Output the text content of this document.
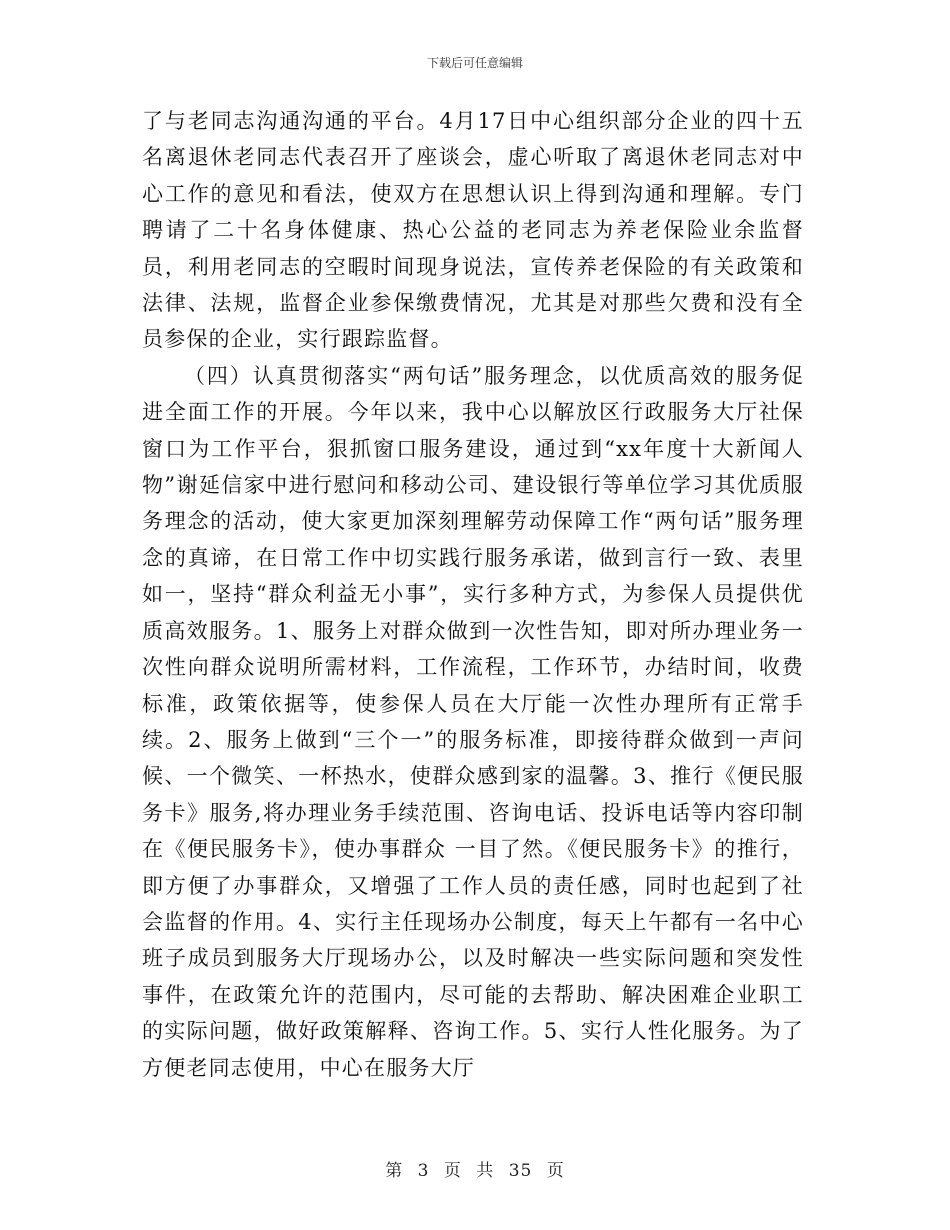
下载后可任意编辑

了与老同志沟通沟通的平台。4月17日中心组织部分企业的四十五名离退休老同志代表召开了座谈会，虚心听取了离退休老同志对中心工作的意见和看法，使双方在思想认识上得到沟通和理解。专门聘请了二十名身体健康、热心公益的老同志为养老保险业余监督员，利用老同志的空暇时间现身说法，宣传养老保险的有关政策和法律、法规，监督企业参保缴费情况，尤其是对那些欠费和没有全员参保的企业，实行跟踪监督。

（四）认真贯彻落实“两句话”服务理念，以优质高效的服务促进全面工作的开展。今年以来，我中心以解放区行政服务大厅社保窗口为工作平台，狠抓窗口服务建设，通过到“xx年度十大新闻人物”谢延信家中进行慰问和移动公司、建设银行等单位学习其优质服务理念的活动，使大家更加深刻理解劳动保障工作“两句话”服务理念的真谛，在日常工作中切实践行服务承诺，做到言行一致、表里如一，坚持“群众利益无小事”，实行多种方式，为参保人员提供优质高效服务。1、服务上对群众做到一次性告知，即对所办理业务一次性向群众说明所需材料，工作流程，工作环节，办结时间，收费标准，政策依据等，使参保人员在大厅能一次性办理所有正常手续。2、服务上做到“三个一”的服务标准，即接待群众做到一声问候、一个微笑、一杯热水，使群众感到家的温馨。3、推行《便民服务卡》服务,将办理业务手续范围、咨询电话、投诉电话等内容印制在《便民服务卡》，使办事群众 一目了然。《便民服务卡》的推行，即方便了办事群众，又增强了工作人员的责任感，同时也起到了社会监督的作用。4、实行主任现场办公制度，每天上午都有一名中心班子成员到服务大厅现场办公，以及时解决一些实际问题和突发性事件，在政策允许的范围内，尽可能的去帮助、解决困难企业职工的实际问题，做好政策解释、咨询工作。5、实行人性化服务。为了方便老同志使用，中心在服务大厅

第 3 页 共 35 页
